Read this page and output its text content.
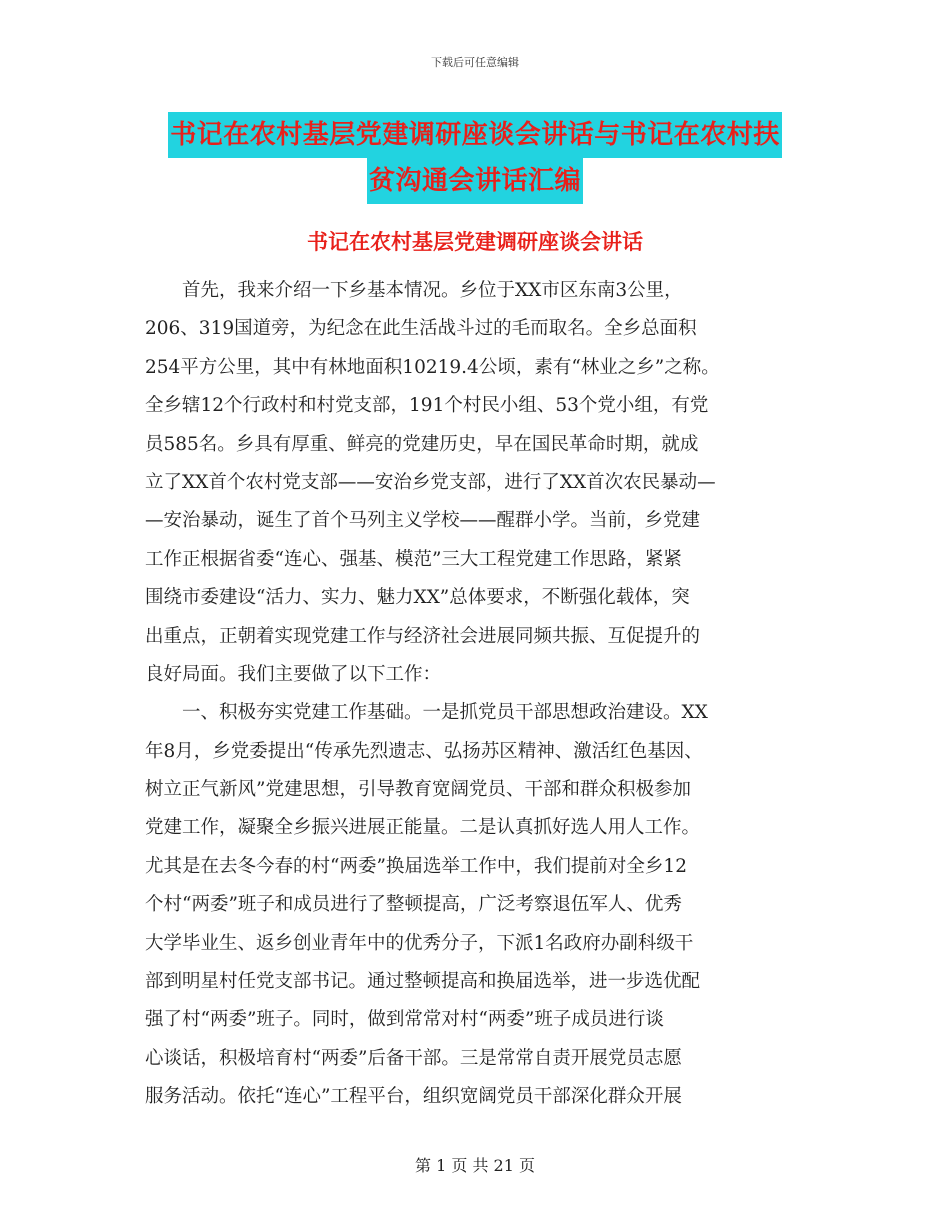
下载后可任意编辑
书记在农村基层党建调研座谈会讲话与书记在农村扶
贫沟通会讲话汇编
书记在农村基层党建调研座谈会讲话
　　首先，我来介绍一下乡基本情况。乡位于XX市区东南3公里，
206、319国道旁，为纪念在此生活战斗过的毛而取名。全乡总面积
254平方公里，其中有林地面积10219.4公顷，素有“林业之乡”之称。
全乡辖12个行政村和村党支部，191个村民小组、53个党小组，有党
员585名。乡具有厚重、鲜亮的党建历史，早在国民革命时期，就成
立了XX首个农村党支部——安治乡党支部，进行了XX首次农民暴动—
—安治暴动，诞生了首个马列主义学校——醒群小学。当前，乡党建
工作正根据省委“连心、强基、模范”三大工程党建工作思路，紧紧
围绕市委建设“活力、实力、魅力XX”总体要求，不断强化载体，突
出重点，正朝着实现党建工作与经济社会进展同频共振、互促提升的
良好局面。我们主要做了以下工作：
　　一、积极夯实党建工作基础。一是抓党员干部思想政治建设。XX
年8月，乡党委提出“传承先烈遗志、弘扬苏区精神、激活红色基因、
树立正气新风”党建思想，引导教育宽阔党员、干部和群众积极参加
党建工作，凝聚全乡振兴进展正能量。二是认真抓好选人用人工作。
尤其是在去冬今春的村“两委”换届选举工作中，我们提前对全乡12
个村“两委”班子和成员进行了整顿提高，广泛考察退伍军人、优秀
大学毕业生、返乡创业青年中的优秀分子，下派1名政府办副科级干
部到明星村任党支部书记。通过整顿提高和换届选举，进一步选优配
强了村“两委”班子。同时，做到常常对村“两委”班子成员进行谈
心谈话，积极培育村“两委”后备干部。三是常常自责开展党员志愿
服务活动。依托“连心”工程平台，组织宽阔党员干部深化群众开展
第 1 页 共 21 页
